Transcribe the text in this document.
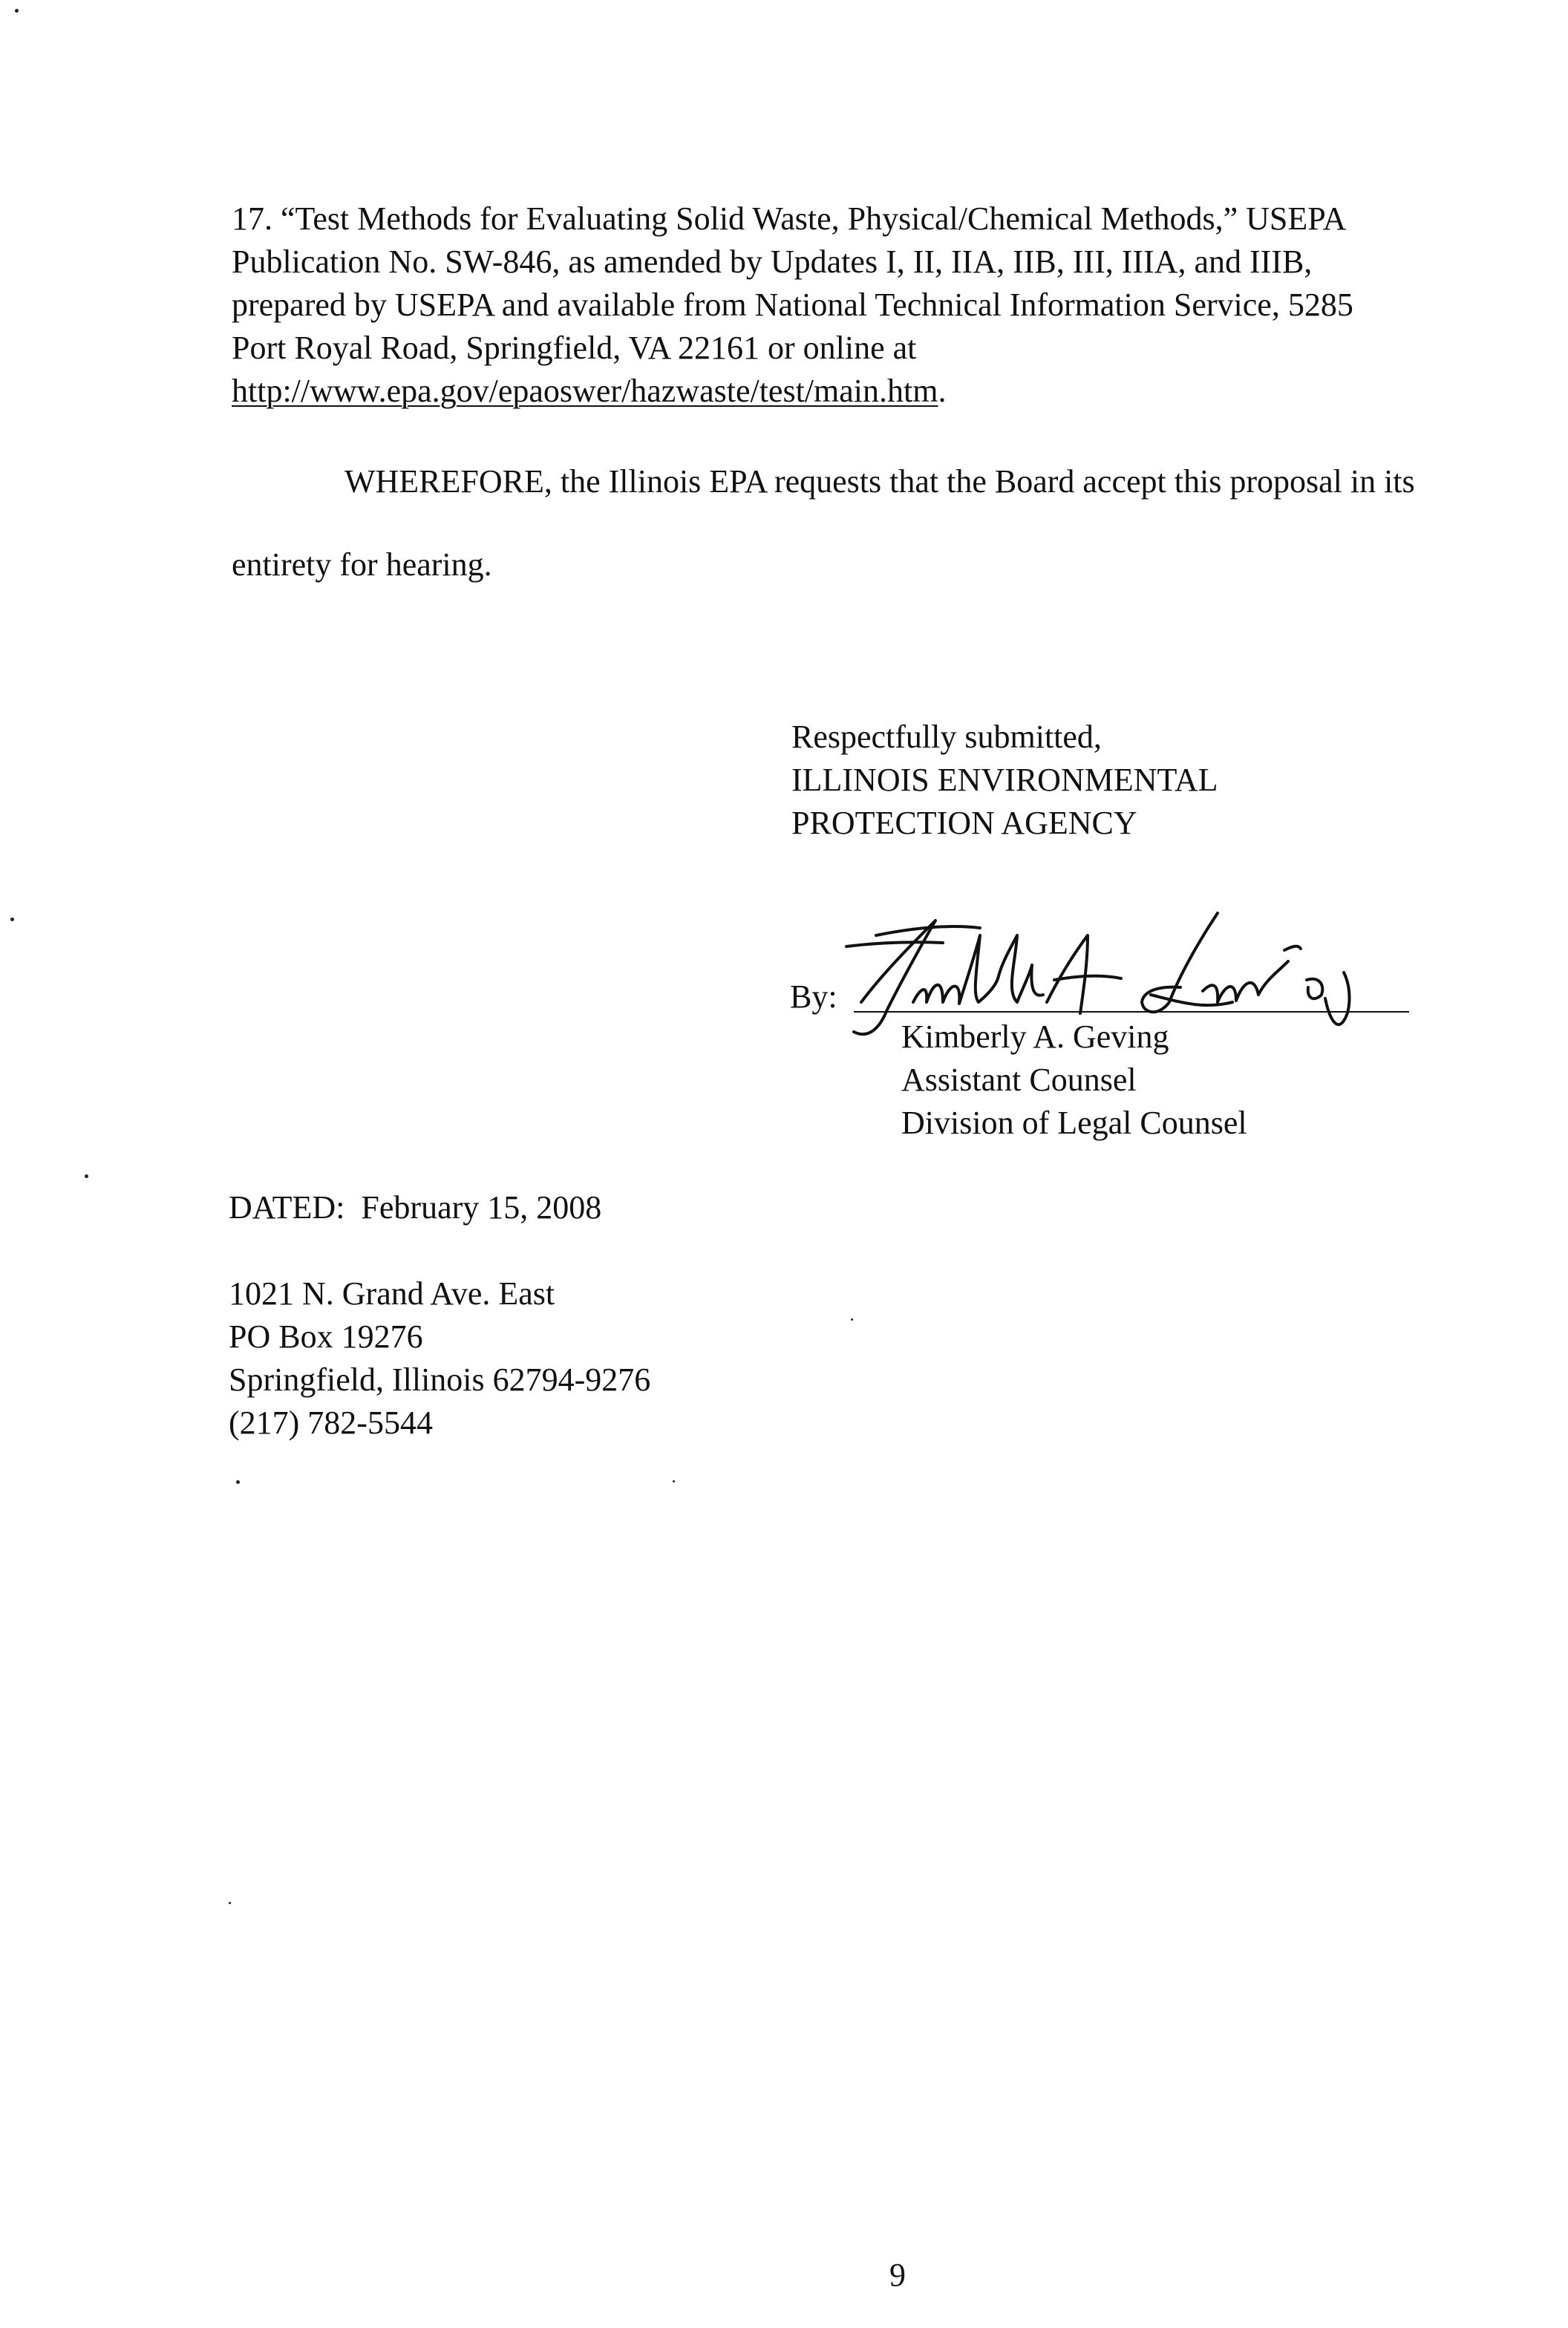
17. “Test Methods for Evaluating Solid Waste, Physical/Chemical Methods,” USEPA
Publication No. SW-846, as amended by Updates I, II, IIA, IIB, III, IIIA, and IIIB,
prepared by USEPA and available from National Technical Information Service, 5285
Port Royal Road, Springfield, VA 22161 or online at
http://www.epa.gov/epaoswer/hazwaste/test/main.htm.
WHEREFORE, the Illinois EPA requests that the Board accept this proposal in its
entirety for hearing.
Respectfully submitted,
ILLINOIS ENVIRONMENTAL
PROTECTION AGENCY
By:
Kimberly A. Geving
Assistant Counsel
Division of Legal Counsel
DATED:  February 15, 2008
1021 N. Grand Ave. East
PO Box 19276
Springfield, Illinois 62794-9276
(217) 782-5544
9
